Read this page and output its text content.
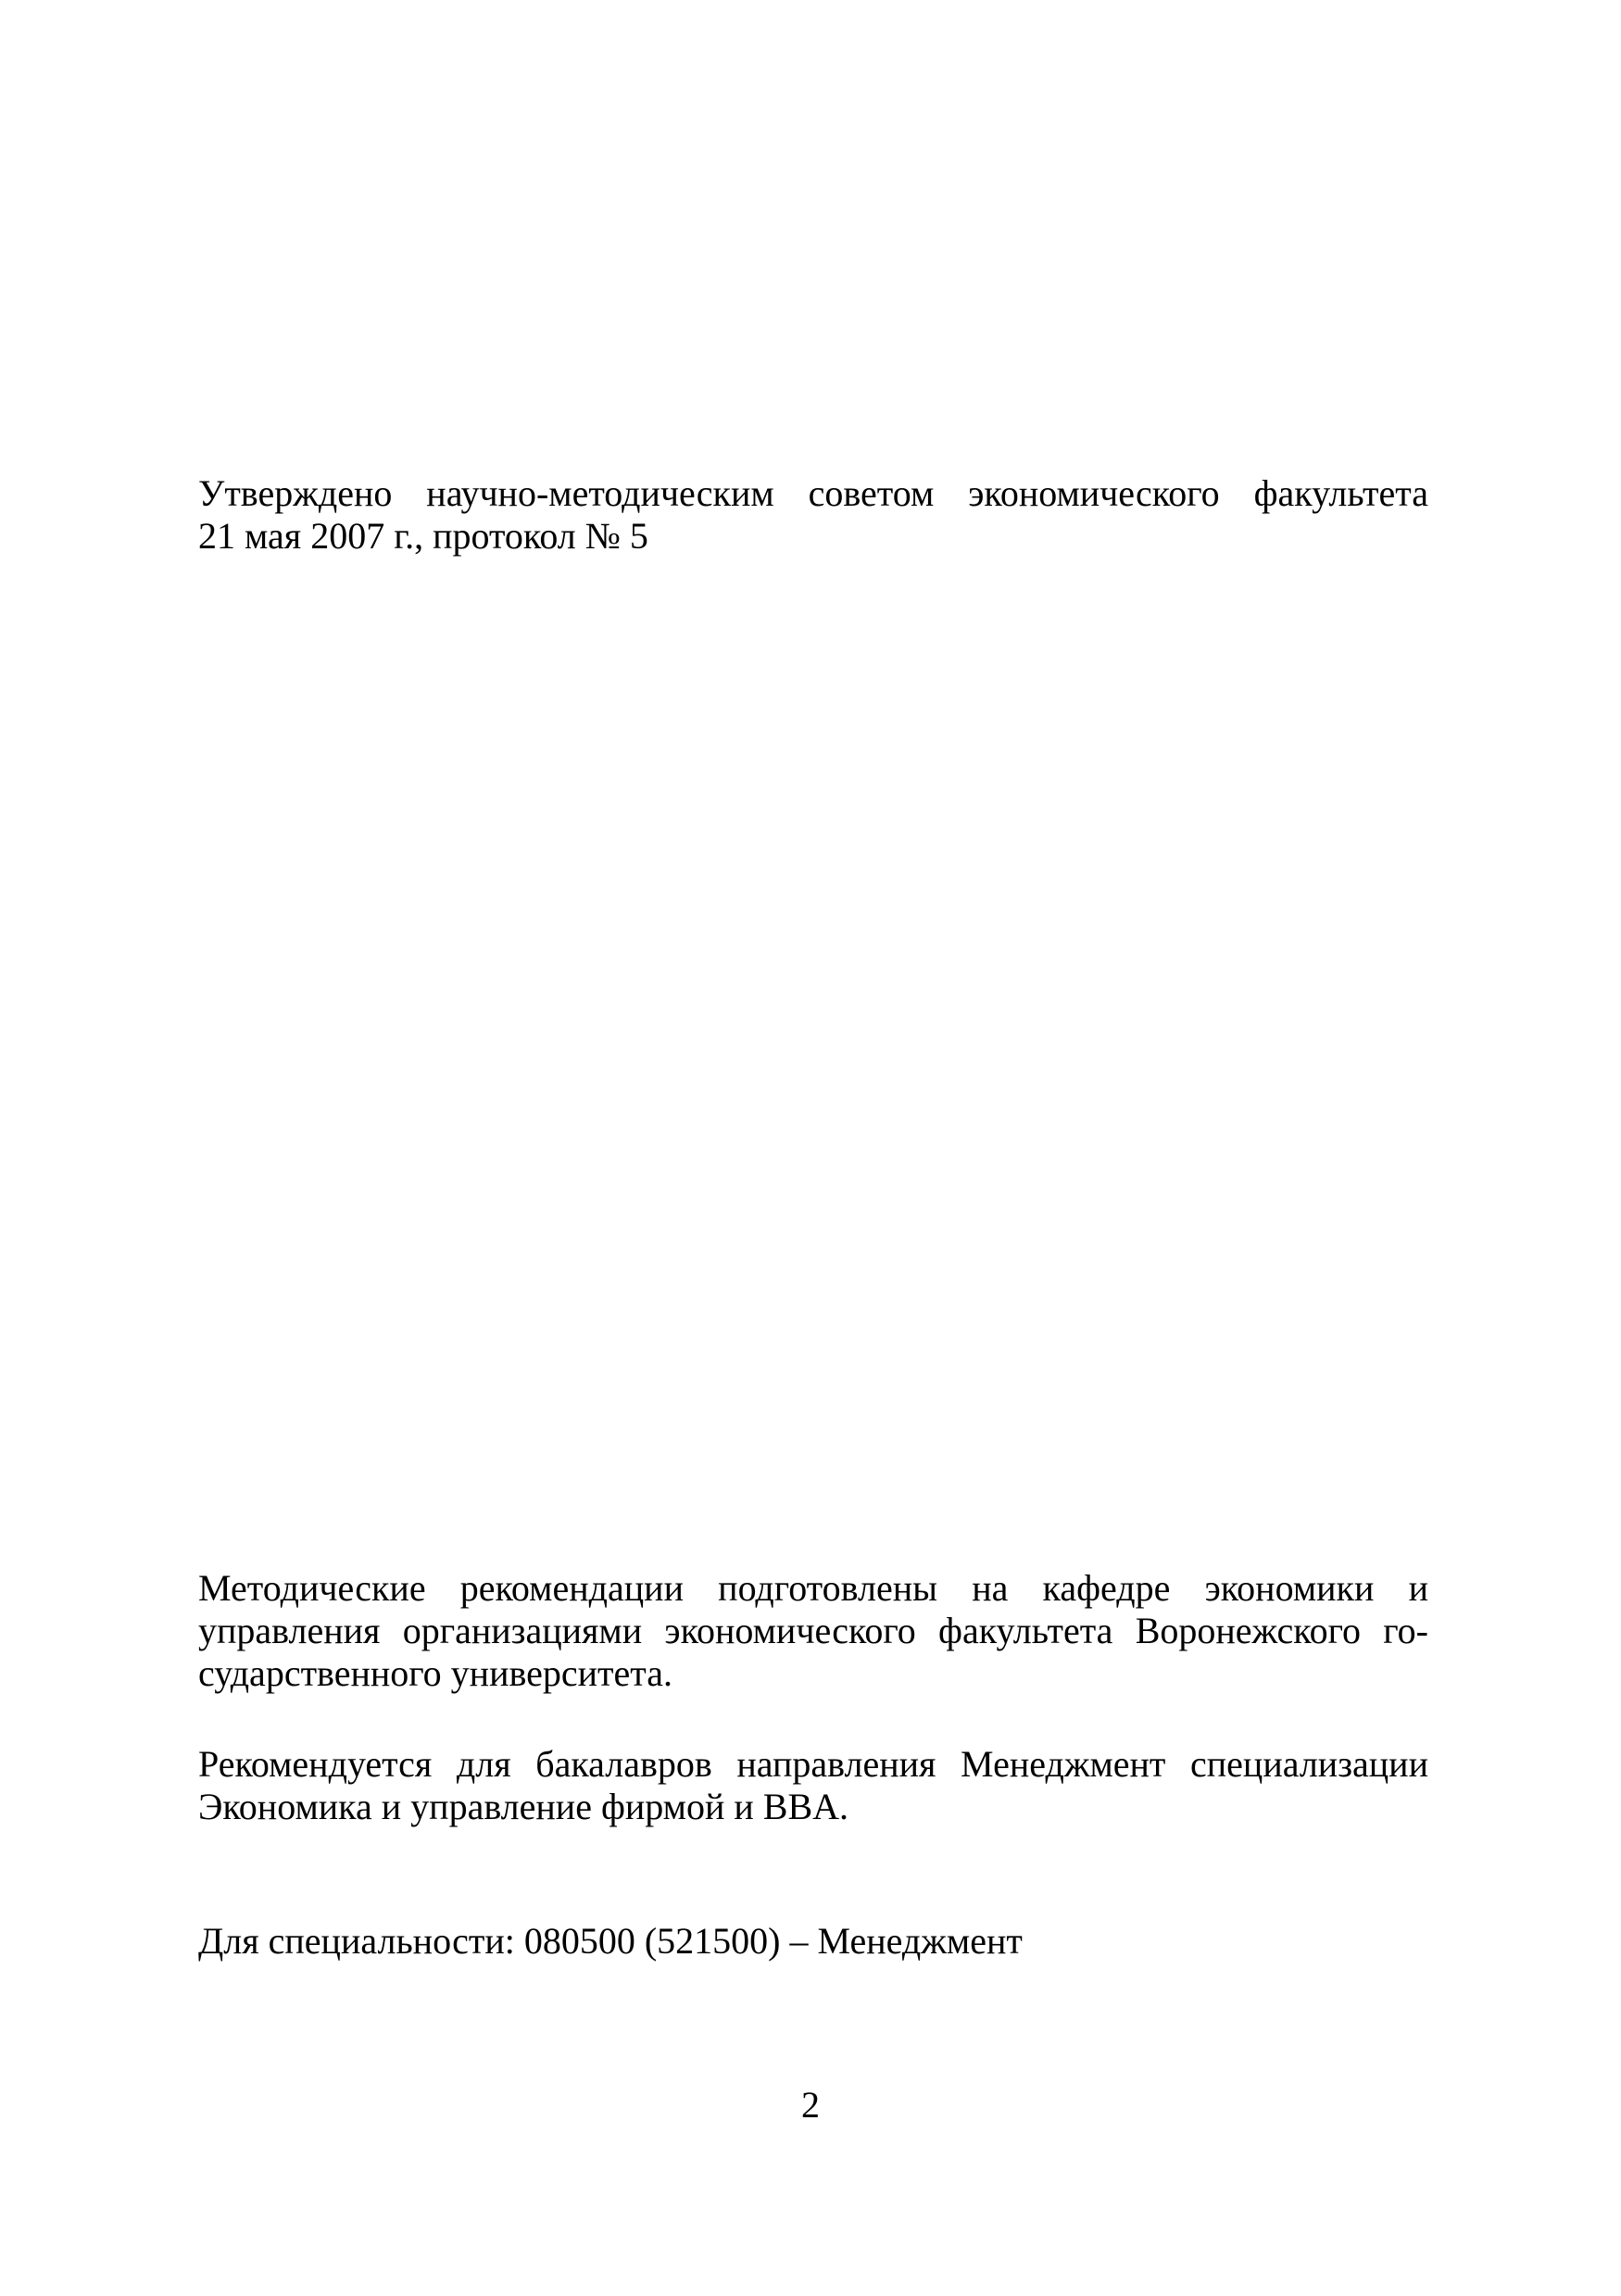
Утверждено научно-методическим советом экономического факультета
21 мая 2007 г., протокол № 5
Методические рекомендации подготовлены на кафедре экономики и
управления организациями экономического факультета Воронежского го-
сударственного университета.
Рекомендуется для бакалавров направления Менеджмент специализации
Экономика и управление фирмой и BBA.
Для специальности: 080500 (521500) – Менеджмент
2
